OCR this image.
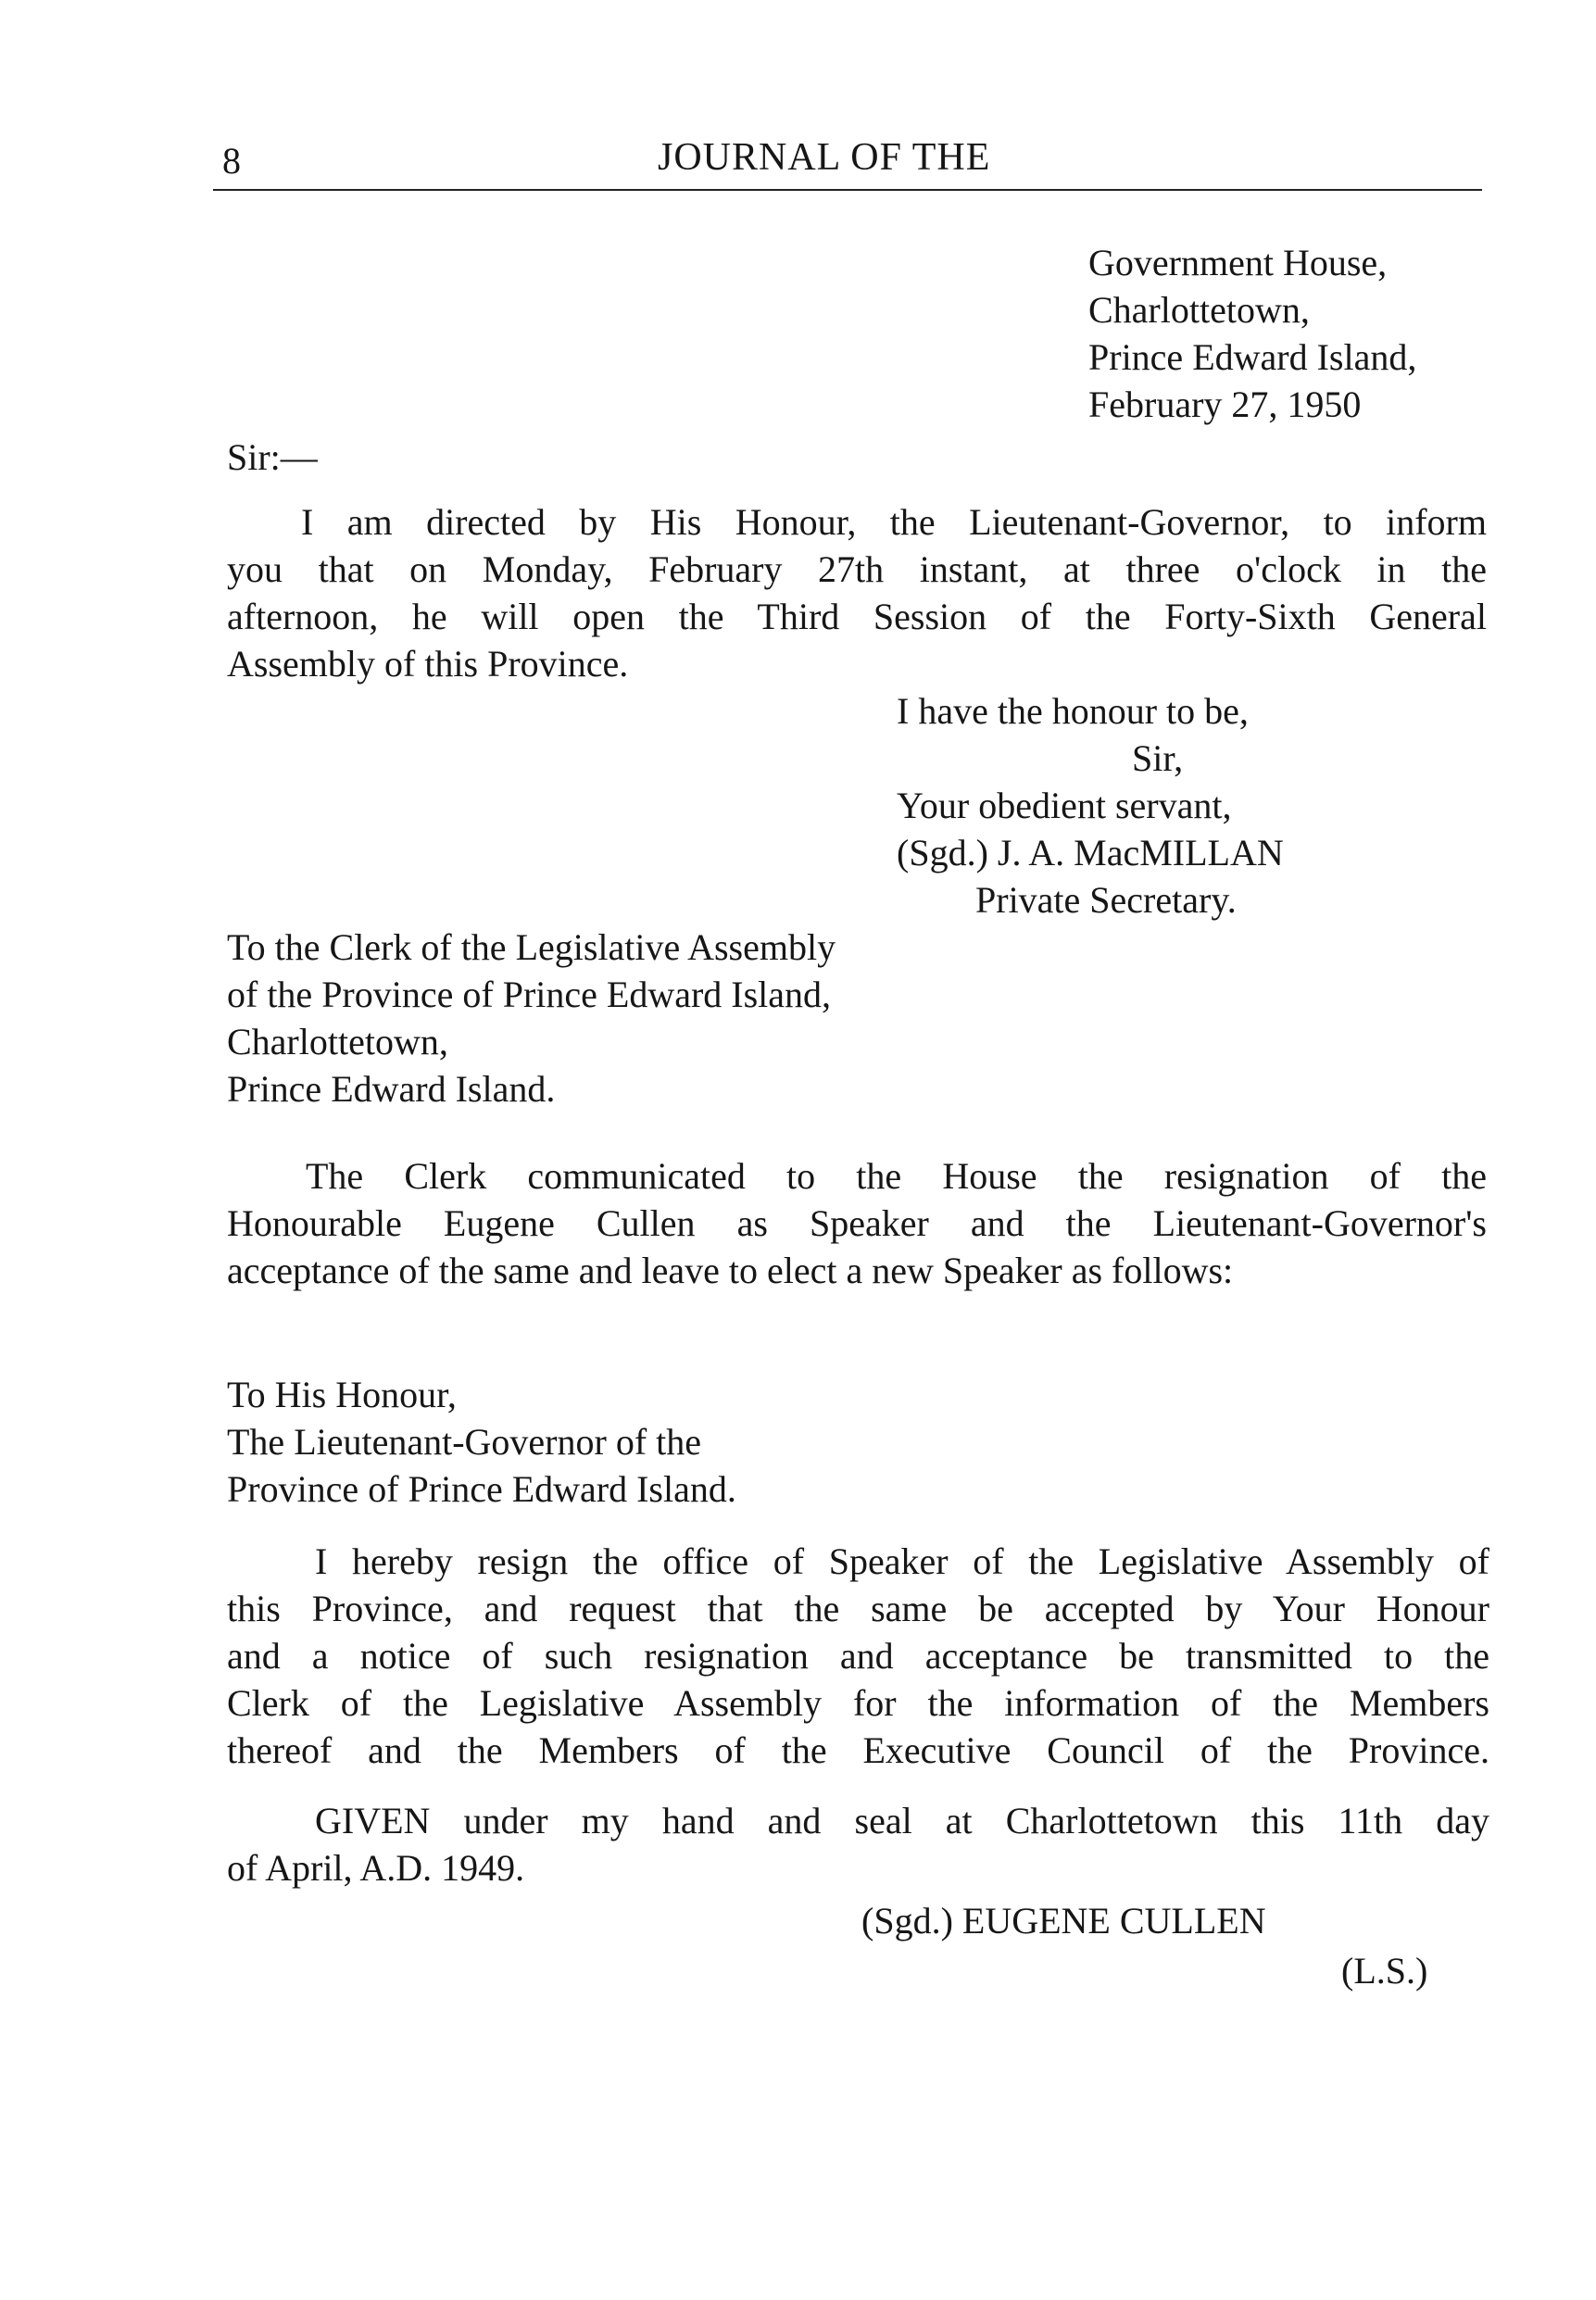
8	JOURNAL OF THE
Government House,
Charlottetown,
Prince Edward Island,
February 27, 1950
Sir:—
I am directed by His Honour, the Lieutenant-Governor, to inform
you that on Monday, February 27th instant, at three o'clock in the
afternoon, he will open the Third Session of the Forty-Sixth General
Assembly of this Province.
I have the honour to be,
Sir,
Your obedient servant,
(Sgd.) J. A. MacMILLAN
Private Secretary.
To the Clerk of the Legislative Assembly
of the Province of Prince Edward Island,
Charlottetown,
Prince Edward Island.
The Clerk communicated to the House the resignation of the
Honourable Eugene Cullen as Speaker and the Lieutenant-Governor's
acceptance of the same and leave to elect a new Speaker as follows:
To His Honour,
The Lieutenant-Governor of the
Province of Prince Edward Island.
I hereby resign the office of Speaker of the Legislative Assembly of
this Province, and request that the same be accepted by Your Honour
and a notice of such resignation and acceptance be transmitted to the
Clerk of the Legislative Assembly for the information of the Members
thereof and the Members of the Executive Council of the Province.
GIVEN under my hand and seal at Charlottetown this 11th day
of April, A.D. 1949.
(Sgd.) EUGENE CULLEN
(L.S.)
